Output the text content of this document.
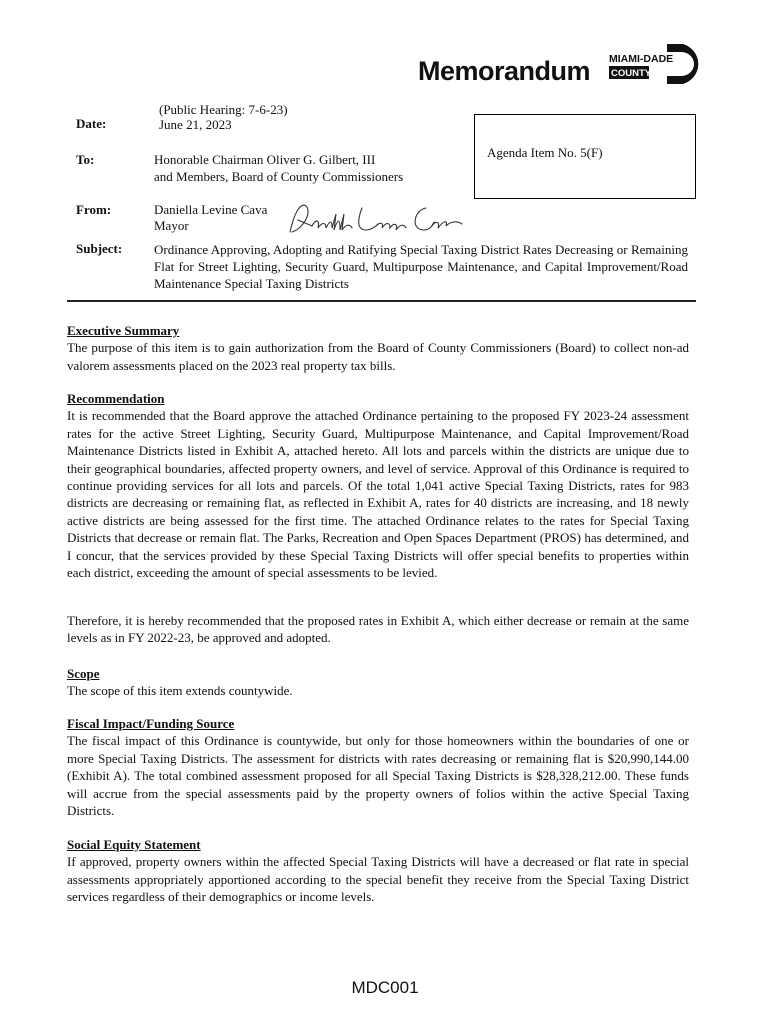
Memorandum MIAMI-DADE
COUNTY
Date:
(Public Hearing: 7-6-23)
June 21, 2023
Agenda Item No. 5(F)
To:	Honorable Chairman Oliver G. Gilbert, III
and Members, Board of County Commissioners
From:	Daniella Levine Cava
Mayor
Subject: Ordinance Approving, Adopting and Ratifying Special Taxing District Rates Decreasing or Remaining Flat for Street Lighting, Security Guard, Multipurpose Maintenance, and Capital Improvement/Road Maintenance Special Taxing Districts
Executive Summary

The purpose of this item is to gain authorization from the Board of County Commissioners (Board) to collect non-ad valorem assessments placed on the 2023 real property tax bills.

Recommendation

It is recommended that the Board approve the attached Ordinance pertaining to the proposed FY 2023-24 assessment rates for the active Street Lighting, Security Guard, Multipurpose Maintenance, and Capital Improvement/Road Maintenance Districts listed in Exhibit A, attached hereto. All lots and parcels within the districts are unique due to their geographical boundaries, affected property owners, and level of service. Approval of this Ordinance is required to continue providing services for all lots and parcels. Of the total 1,041 active Special Taxing Districts, rates for 983 districts are decreasing or remaining flat, as reflected in Exhibit A, rates for 40 districts are increasing, and 18 newly active districts are being assessed for the first time. The attached Ordinance relates to the rates for Special Taxing Districts that decrease or remain flat. The Parks, Recreation and Open Spaces Department (PROS) has determined, and I concur, that the services provided by these Special Taxing Districts will offer special benefits to properties within each district, exceeding the amount of special assessments to be levied.

Therefore, it is hereby recommended that the proposed rates in Exhibit A, which either decrease or remain at the same levels as in FY 2022-23, be approved and adopted.

Scope

The scope of this item extends countywide.

Fiscal Impact/Funding Source

The fiscal impact of this Ordinance is countywide, but only for those homeowners within the boundaries of one or more Special Taxing Districts. The assessment for districts with rates decreasing or remaining flat is $20,990,144.00 (Exhibit A). The total combined assessment proposed for all Special Taxing Districts is $28,328,212.00. These funds will accrue from the special assessments paid by the property owners of folios within the active Special Taxing Districts.

Social Equity Statement

If approved, property owners within the affected Special Taxing Districts will have a decreased or flat rate in special assessments appropriately apportioned according to the special benefit they receive from the Special Taxing District services regardless of their demographics or income levels.

MDC001
